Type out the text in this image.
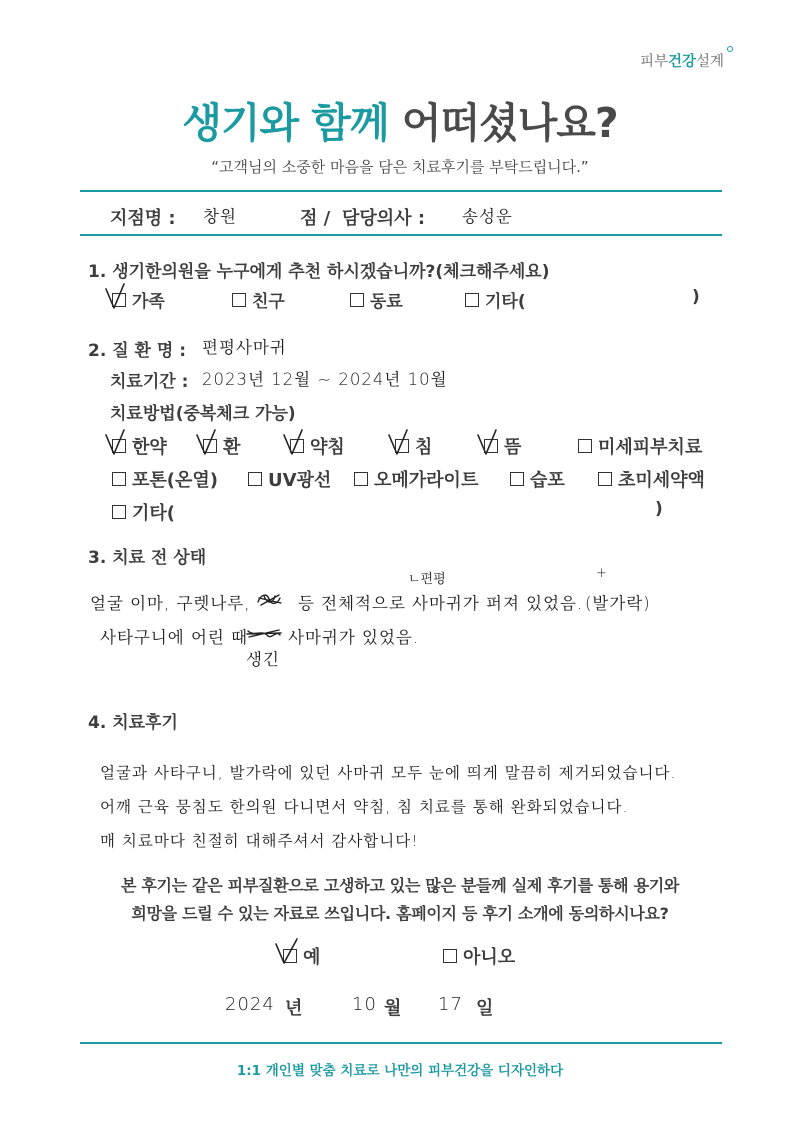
피부건강설계
생기와 함께 어떠셨나요?
“고객님의 소중한 마음을 담은 치료후기를 부탁드립니다.”
지점명 : 창원	점 / 담당의사 : 송성운
1. 생기한의원을 누구에게 추천 하시겠습니까?(체크해주세요)
가족	친구	동료	기타(	)
2. 질 환 명 : 편평사마귀
치료기간 : 2023년 12월 ~ 2024년 10월
치료방법(중복체크 가능)
한약	환	약침	침	뜸	미세피부치료
포톤(온열)	UV광선 오메가라이트	습포	초미세약액
기타(	)
3. 치료 전 상태
ㄴ편평	+
얼굴 이마, 구렛나루,	등 전체적으로 사마귀가 퍼져 있었음. (발가락)
사타구니에 어린 때 사마귀가 있었음.
생긴
4. 치료후기
얼굴과 사타구니, 발가락에 있던 사마귀 모두 눈에 띄게 말끔히 제거되었습니다.
어깨 근육 뭉침도 한의원 다니면서 약침, 침 치료를 통해 완화되었습니다.
매 치료마다 친절히 대해주셔서 감사합니다!
본 후기는 같은 피부질환으로 고생하고 있는 많은 분들께 실제 후기를 통해 용기와
희망을 드릴 수 있는 자료로 쓰입니다. 홈페이지 등 후기 소개에 동의하시나요?
예	아니오
2024 년	10 월 17 일
1:1 개인별 맞춤 치료로 나만의 피부건강을 디자인하다
